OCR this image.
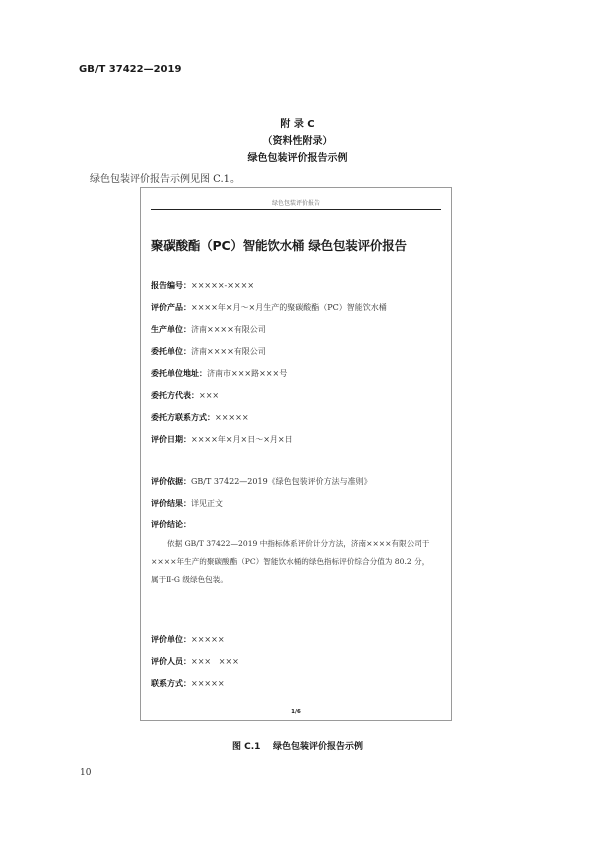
GB/T 37422—2019
附 录 C
（资料性附录）
绿色包装评价报告示例
绿色包装评价报告示例见图 C.1。
绿色包装评价报告
聚碳酸酯（PC）智能饮水桶 绿色包装评价报告
报告编号：×××××-××××
评价产品：××××年×月～×月生产的聚碳酸酯（PC）智能饮水桶
生产单位：济南××××有限公司
委托单位：济南××××有限公司
委托单位地址：济南市×××路×××号
委托方代表：×××
委托方联系方式：×××××
评价日期：××××年×月×日～×月×日
评价依据：GB/T 37422—2019《绿色包装评价方法与准则》
评价结果：详见正文
评价结论：
依据 GB/T 37422—2019 中指标体系评价计分方法，济南××××有限公司于
××××年生产的聚碳酸酯（PC）智能饮水桶的绿色指标评价综合分值为 80.2 分，
属于Ⅱ-G 级绿色包装。
评价单位：×××××
评价人员：×××   ×××
联系方式：×××××
1/6
图 C.1    绿色包装评价报告示例
10
